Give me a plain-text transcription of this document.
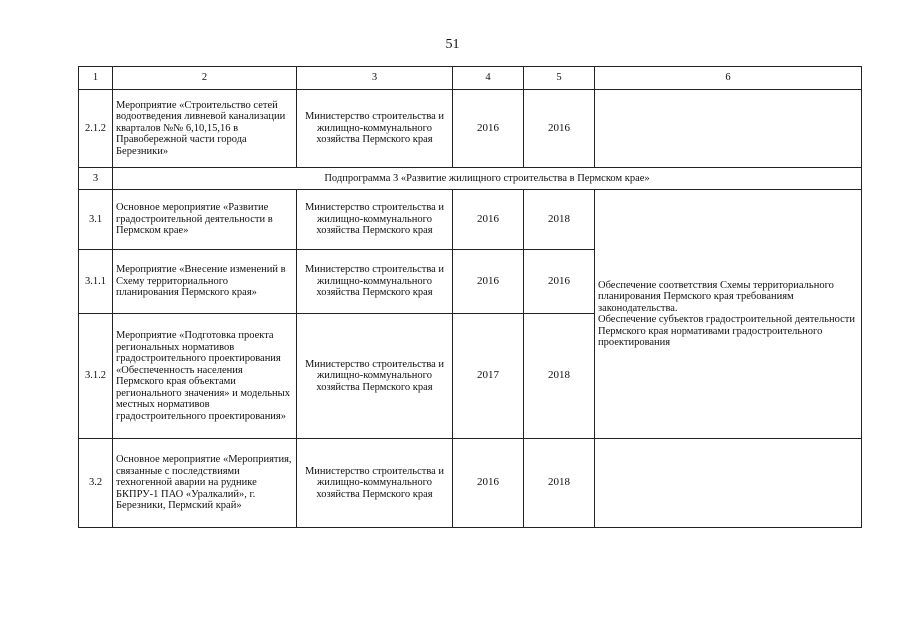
51
1	2	3	4	5	6
2.1.2	Мероприятие «Строительство сетей водоотведения ливневой канализации кварталов №№ 6,10,15,16 в Правобережной части города Березники»	Министерство строительства и жилищно-коммунального хозяйства Пермского края	2016	2016	
3	Подпрограмма 3 «Развитие жилищного строительства в Пермском крае»				
3.1	Основное мероприятие «Развитие градостроительной деятельности в Пермском крае»	Министерство строительства и жилищно-коммунального хозяйства Пермского края	2016	2018	Обеспечение соответствия Схемы территориального планирования Пермского края требованиям законодательства.
Обеспечение субъектов градостроительной деятельности Пермского края нормативами градостроительного проектирования

3.1.1	Мероприятие «Внесение изменений в Схему территориального планирования Пермского края»	Министерство строительства и жилищно-коммунального хозяйства Пермского края	2016	2016	
3.1.2	Мероприятие «Подготовка проекта региональных нормативов градостроительного проектирования «Обеспеченность населения Пермского края объектами регионального значения» и модельных местных нормативов градостроительного проектирования»	Министерство строительства и жилищно-коммунального хозяйства Пермского края	2017	2018	
3.2	Основное мероприятие «Мероприятия, связанные с последствиями техногенной аварии на руднике БКПРУ-1 ПАО «Уралкалий», г. Березники, Пермский край»	Министерство строительства и жилищно-коммунального хозяйства Пермского края	2016	2018	
